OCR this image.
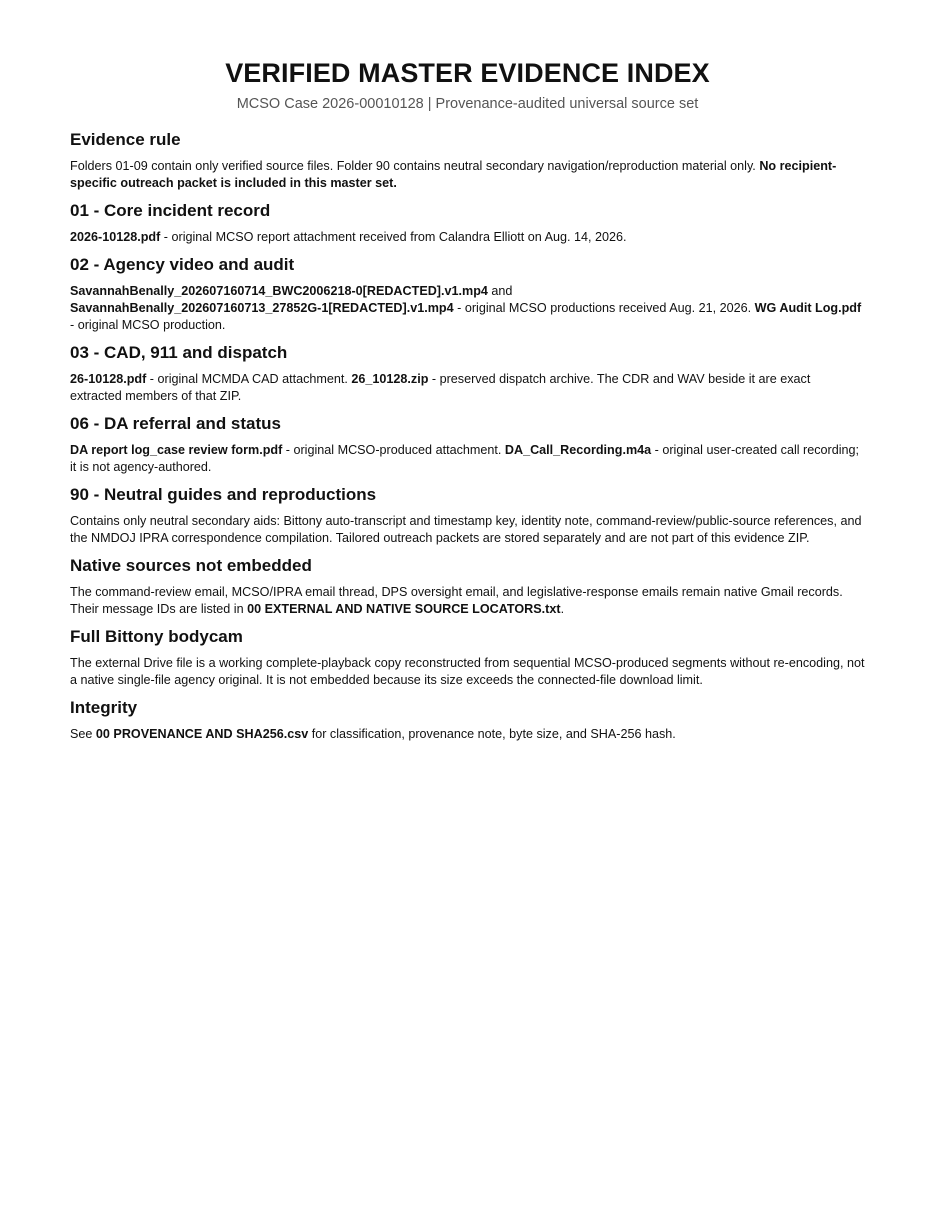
VERIFIED MASTER EVIDENCE INDEX
MCSO Case 2026-00010128 | Provenance-audited universal source set
Evidence rule

Folders 01-09 contain only verified source files. Folder 90 contains neutral secondary navigation/reproduction material only. No recipient-specific outreach packet is included in this master set.

01 - Core incident record

2026-10128.pdf - original MCSO report attachment received from Calandra Elliott on Aug. 14, 2026.

02 - Agency video and audit

SavannahBenally_202607160714_BWC2006218-0[REDACTED].v1.mp4 and
SavannahBenally_202607160713_27852G-1[REDACTED].v1.mp4 - original MCSO productions received Aug. 21, 2026. WG Audit Log.pdf - original MCSO production.

03 - CAD, 911 and dispatch

26-10128.pdf - original MCMDA CAD attachment. 26_10128.zip - preserved dispatch archive. The CDR and WAV beside it are exact extracted members of that ZIP.

06 - DA referral and status

DA report log_case review form.pdf - original MCSO-produced attachment. DA_Call_Recording.m4a - original user-created call recording; it is not agency-authored.

90 - Neutral guides and reproductions

Contains only neutral secondary aids: Bittony auto-transcript and timestamp key, identity note, command-review/public-source references, and the NMDOJ IPRA correspondence compilation. Tailored outreach packets are stored separately and are not part of this evidence ZIP.

Native sources not embedded

The command-review email, MCSO/IPRA email thread, DPS oversight email, and legislative-response emails remain native Gmail records. Their message IDs are listed in 00 EXTERNAL AND NATIVE SOURCE LOCATORS.txt.

Full Bittony bodycam

The external Drive file is a working complete-playback copy reconstructed from sequential MCSO-produced segments without re-encoding, not a native single-file agency original. It is not embedded because its size exceeds the connected-file download limit.

Integrity

See 00 PROVENANCE AND SHA256.csv for classification, provenance note, byte size, and SHA-256 hash.
